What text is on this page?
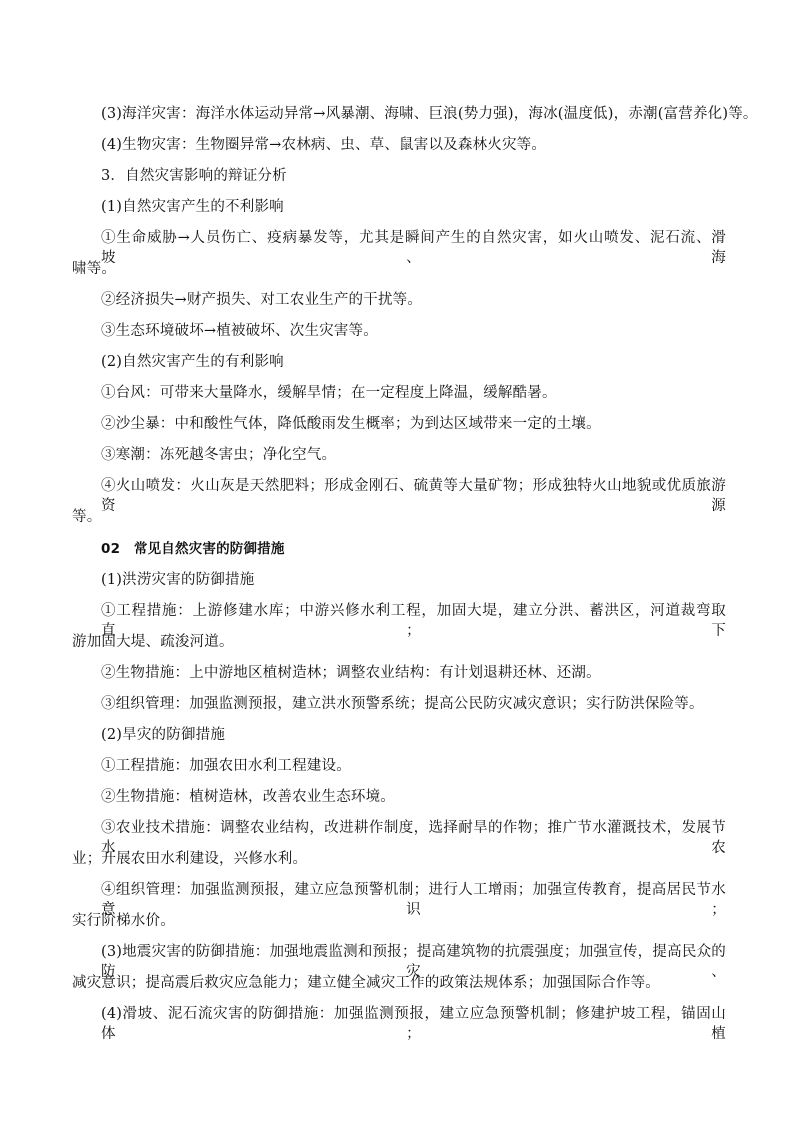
(3)海洋灾害：海洋水体运动异常→风暴潮、海啸、巨浪(势力强)，海冰(温度低)，赤潮(富营养化)等。
(4)生物灾害：生物圈异常→农林病、虫、草、鼠害以及森林火灾等。
3．自然灾害影响的辩证分析
(1)自然灾害产生的不利影响
①生命威胁→人员伤亡、疫病暴发等，尤其是瞬间产生的自然灾害，如火山喷发、泥石流、滑坡、海
啸等。
②经济损失→财产损失、对工农业生产的干扰等。
③生态环境破坏→植被破坏、次生灾害等。
(2)自然灾害产生的有利影响
①台风：可带来大量降水，缓解旱情；在一定程度上降温，缓解酷暑。
②沙尘暴：中和酸性气体，降低酸雨发生概率；为到达区域带来一定的土壤。
③寒潮：冻死越冬害虫；净化空气。
④火山喷发：火山灰是天然肥料；形成金刚石、硫黄等大量矿物；形成独特火山地貌或优质旅游资源
等。
02　常见自然灾害的防御措施
(1)洪涝灾害的防御措施
①工程措施：上游修建水库；中游兴修水利工程，加固大堤，建立分洪、蓄洪区，河道裁弯取直；下
游加固大堤、疏浚河道。
②生物措施：上中游地区植树造林；调整农业结构：有计划退耕还林、还湖。
③组织管理：加强监测预报，建立洪水预警系统；提高公民防灾减灾意识；实行防洪保险等。
(2)旱灾的防御措施
①工程措施：加强农田水利工程建设。
②生物措施：植树造林，改善农业生态环境。
③农业技术措施：调整农业结构，改进耕作制度，选择耐旱的作物；推广节水灌溉技术，发展节水农
业；开展农田水利建设，兴修水利。
④组织管理：加强监测预报，建立应急预警机制；进行人工增雨；加强宣传教育，提高居民节水意识；
实行阶梯水价。
(3)地震灾害的防御措施：加强地震监测和预报；提高建筑物的抗震强度；加强宣传，提高民众的防灾、
减灾意识；提高震后救灾应急能力；建立健全减灾工作的政策法规体系；加强国际合作等。
(4)滑坡、泥石流灾害的防御措施：加强监测预报，建立应急预警机制；修建护坡工程，锚固山体；植
